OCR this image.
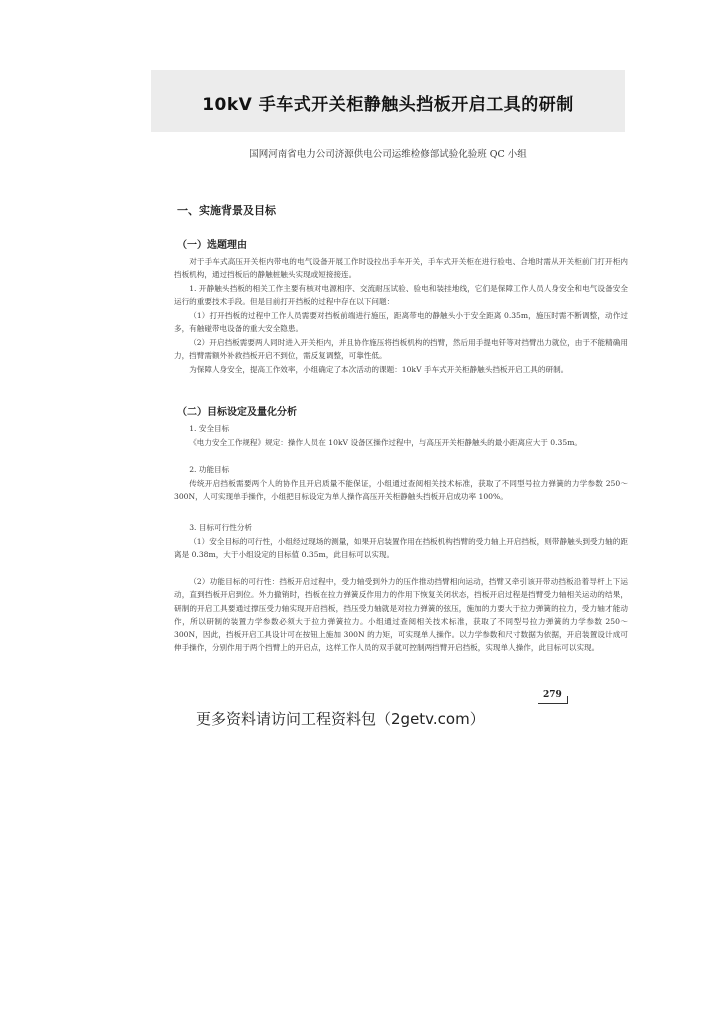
10kV 手车式开关柜静触头挡板开启工具的研制
国网河南省电力公司济源供电公司运维检修部试验化验班 QC 小组
一、实施背景及目标
（一）选题理由

对于手车式高压开关柜内带电的电气设备开展工作时设拉出手车开关，手车式开关柜在进行验电、合地时需从开关柜前门打开柜内挡板机构，通过挡板后的静触桩触头实现或短接接连。

1. 开静触头挡板的相关工作主要有核对电源相序、交流耐压试验、验电和装挂地线，它们是保障工作人员人身安全和电气设备安全运行的重要技术手段。但是目前打开挡板的过程中存在以下问题：

（1）打开挡板的过程中工作人员需要对挡板前端进行施压，距离带电的静触头小于安全距离 0.35m，施压时需不断调整，动作过多，有触碰带电设备的重大安全隐患。

（2）开启挡板需要两人同时进入开关柜内，并且协作施压将挡板机构的挡臂，然后用手提电钎等对挡臂出力就位，由于不能精确用力，挡臂需额外补救挡板开启不到位，需反复调整，可靠性低。

为保障人身安全，提高工作效率，小组确定了本次活动的课题：10kV 手车式开关柜静触头挡板开启工具的研制。

（二）目标设定及量化分析

1. 安全目标

《电力安全工作规程》规定：操作人员在 10kV 设备区操作过程中，与高压开关柜静触头的最小距离应大于 0.35m。

2. 功能目标

传统开启挡板需要两个人的协作且开启质量不能保证，小组通过查阅相关技术标准，获取了不同型号拉力弹簧的力学参数 250～300N，人可实现单手操作，小组把目标设定为单人操作高压开关柜静触头挡板开启成功率 100%。

3. 目标可行性分析

（1）安全目标的可行性，小组经过现场的测量，如果开启装置作用在挡板机构挡臂的受力轴上开启挡板，则带静触头到受力轴的距离是 0.38m，大于小组设定的目标值 0.35m，此目标可以实现。

（2）功能目标的可行性：挡板开启过程中，受力轴受到外力的压作推动挡臂相向运动，挡臂又牵引该开带动挡板沿着导杆上下运动，直到挡板开启到位。外力撤销时，挡板在拉力弹簧反作用力的作用下恢复关闭状态，挡板开启过程是挡臂受力轴相关运动的结果，研制的开启工具要通过撑压受力轴实现开启挡板，挡压受力轴就是对拉力弹簧的弦压，施加的力要大于拉力弹簧的拉力，受力轴才能动作，所以研制的装置力学参数必须大于拉力弹簧拉力。小组通过查阅相关技术标准，获取了不同型号拉力弹簧的力学参数 250～300N，因此，挡板开启工具设计可在按钮上施加 300N 的力矩，可实现单人操作。以力学参数和尺寸数据为依据，开启装置设计成可伸手操作，分别作用于两个挡臂上的开启点，这样工作人员的双手就可控制两挡臂开启挡板，实现单人操作，此目标可以实现。

279
更多资料请访问工程资料包（2getv.com）
